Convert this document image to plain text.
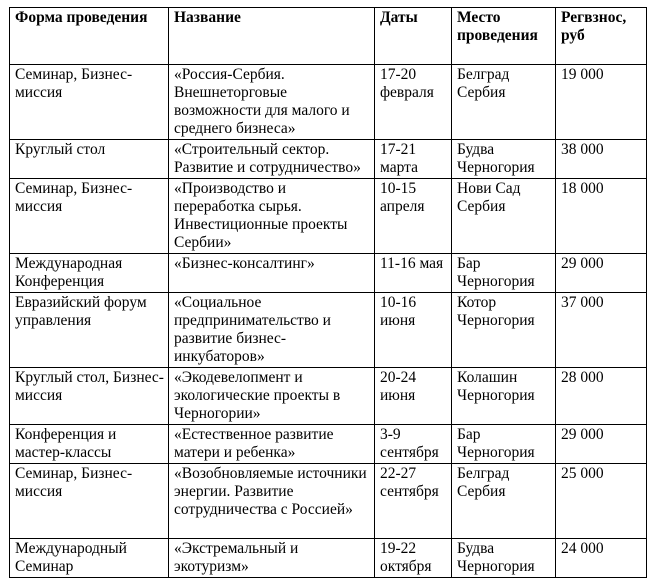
Форма проведения	Название	Даты	Место проведения	Регвзнос, руб
Семинар, Бизнес- миссия	«Россия-Сербия. Внешнеторговые возможности для малого и среднего бизнеса»	17-20 февраля	Белград Сербия	19 000
Круглый стол	«Строительный сектор. Развитие и сотрудничество»	17-21 марта	Будва Черногория	38 000
Семинар, Бизнес- миссия	«Производство и переработка сырья. Инвестиционные проекты Сербии»	10-15 апреля	Нови Сад Сербия	18 000
Международная Конференция	«Бизнес-консалтинг»	11-16 мая	Бар Черногория	29 000
Евразийский форум управления	«Социальное предпринимательство и развитие бизнес- инкубаторов»	10-16 июня	Котор Черногория	37 000
Круглый стол, Бизнес-миссия	«Экодевелопмент и экологические проекты в Черногории»	20-24 июня	Колашин Черногория	28 000
Конференция и мастер-классы	«Естественное развитие матери и ребенка»	3-9 сентября	Бар Черногория	29 000
Семинар, Бизнес- миссия	«Возобновляемые источники энергии. Развитие сотрудничества с Россией»	22-27 сентября	Белград Сербия	25 000
Международный Семинар	«Экстремальный и экотуризм»	19-22 октября	Будва Черногория	24 000
